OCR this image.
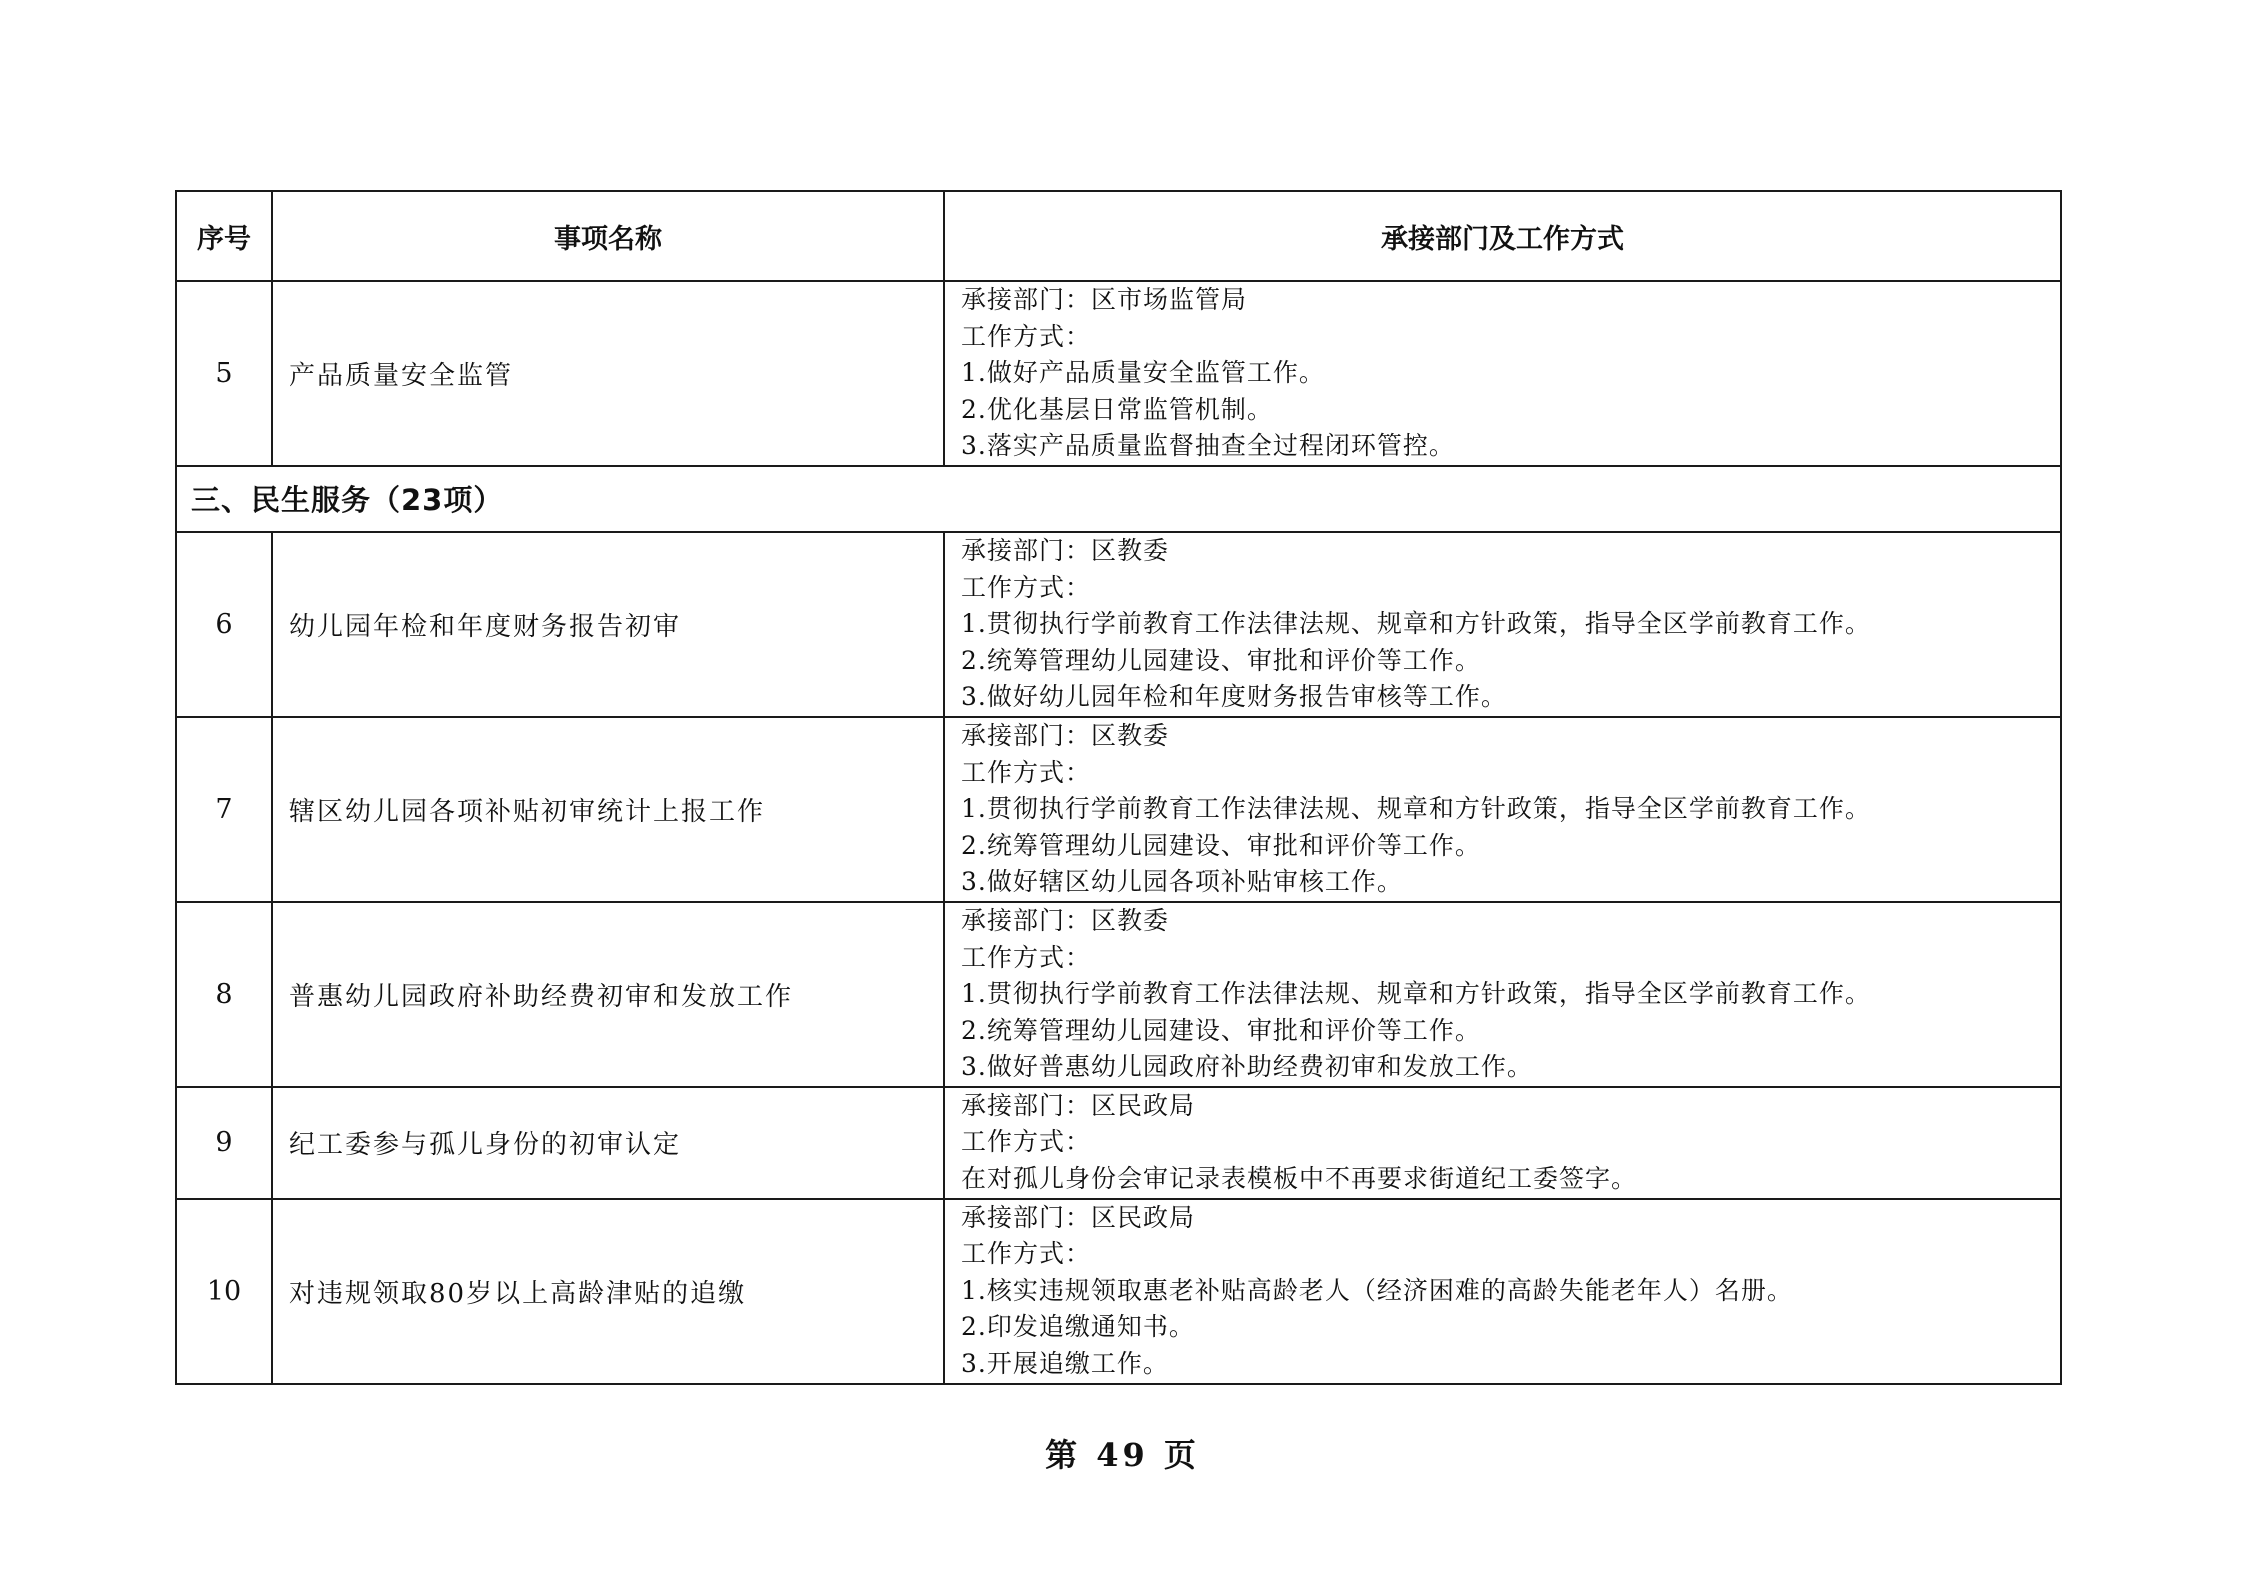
序号	事项名称	承接部门及工作方式
5	产品质量安全监管	承接部门：区市场监管局
工作方式：
1.做好产品质量安全监管工作。
2.优化基层日常监管机制。
3.落实产品质量监督抽查全过程闭环管控。

三、民生服务（23项）		
6	幼儿园年检和年度财务报告初审	承接部门：区教委
工作方式：
1.贯彻执行学前教育工作法律法规、规章和方针政策，指导全区学前教育工作。
2.统筹管理幼儿园建设、审批和评价等工作。
3.做好幼儿园年检和年度财务报告审核等工作。

7	辖区幼儿园各项补贴初审统计上报工作	承接部门：区教委
工作方式：
1.贯彻执行学前教育工作法律法规、规章和方针政策，指导全区学前教育工作。
2.统筹管理幼儿园建设、审批和评价等工作。
3.做好辖区幼儿园各项补贴审核工作。

8	普惠幼儿园政府补助经费初审和发放工作	承接部门：区教委
工作方式：
1.贯彻执行学前教育工作法律法规、规章和方针政策，指导全区学前教育工作。
2.统筹管理幼儿园建设、审批和评价等工作。
3.做好普惠幼儿园政府补助经费初审和发放工作。

9	纪工委参与孤儿身份的初审认定	承接部门：区民政局
工作方式：
在对孤儿身份会审记录表模板中不再要求街道纪工委签字。

10	对违规领取80岁以上高龄津贴的追缴	承接部门：区民政局
工作方式：
1.核实违规领取惠老补贴高龄老人（经济困难的高龄失能老年人）名册。
2.印发追缴通知书。
3.开展追缴工作。
第 49 页
